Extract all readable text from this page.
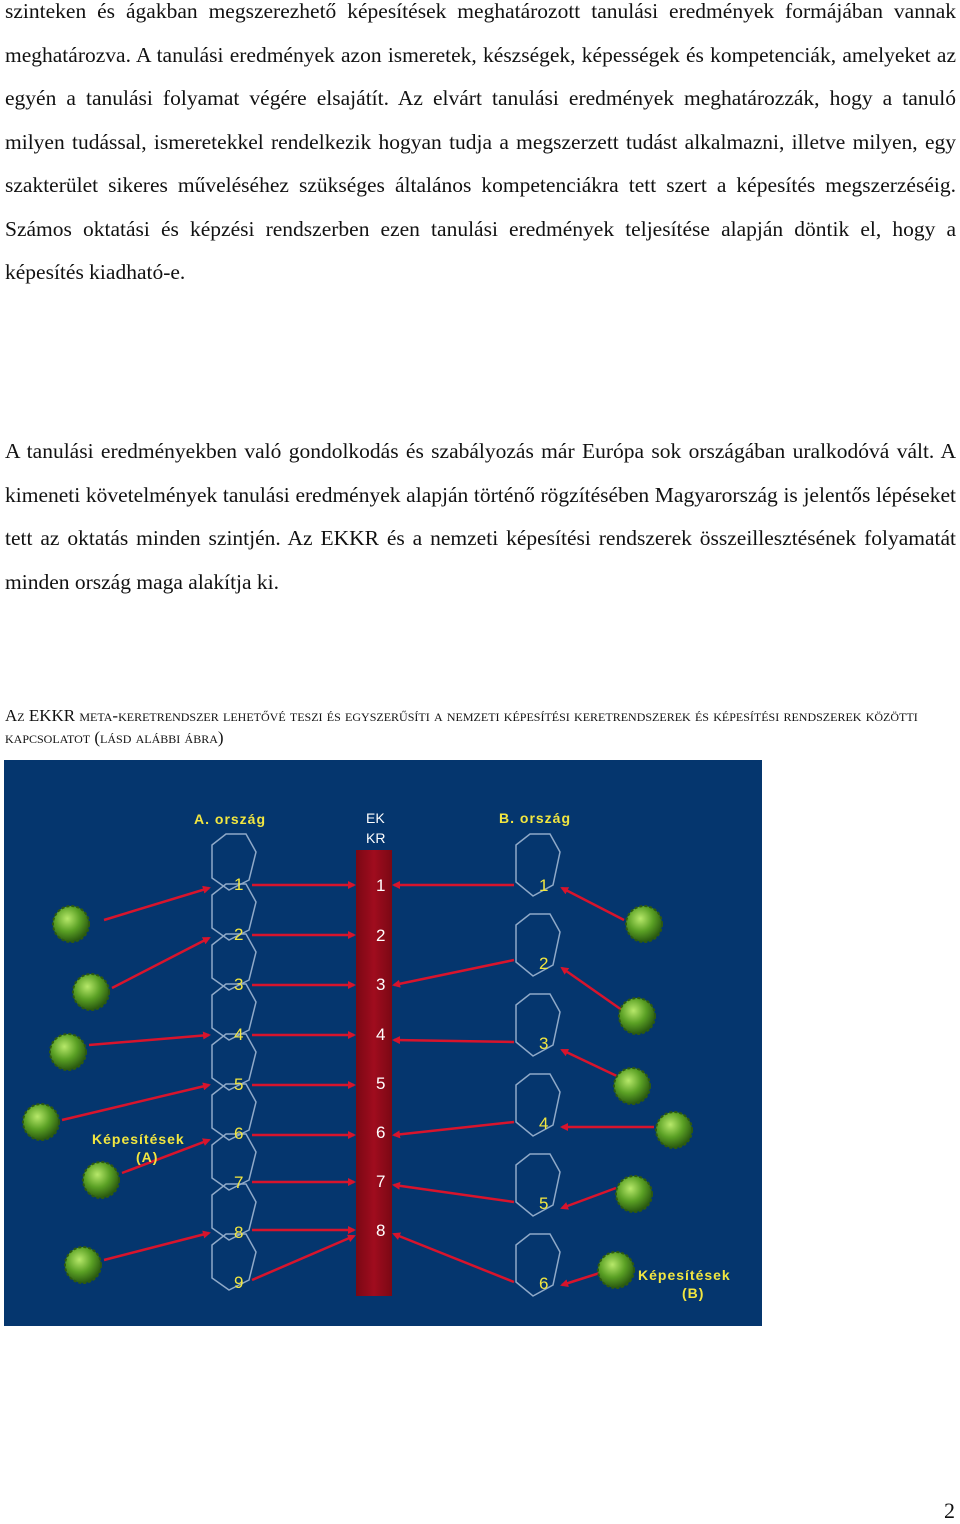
szinteken és ágakban megszerezhető képesítések meghatározott tanulási eredmények formájában vannak meghatározva. A tanulási eredmények azon ismeretek, készségek, képességek és kompetenciák, amelyeket az egyén a tanulási folyamat végére elsajátít. Az elvárt tanulási eredmények meghatározzák, hogy a tanuló milyen tudással, ismeretekkel rendelkezik hogyan tudja a megszerzett tudást alkalmazni, illetve milyen, egy szakterület sikeres műveléséhez szükséges általános kompetenciákra tett szert a képesítés megszerzéséig. Számos oktatási és képzési rendszerben ezen tanulási eredmények teljesítése alapján döntik el, hogy a képesítés kiadható-e.

A tanulási eredményekben való gondolkodás és szabályozás már Európa sok országában uralkodóvá vált. A kimeneti követelmények tanulási eredmények alapján történő rögzítésében Magyarország is jelentős lépéseket tett az oktatás minden szintjén. Az EKKR és a nemzeti képesítési rendszerek összeillesztésének folyamatát minden ország maga alakítja ki.

Az EKKR meta-keretrendszer lehetővé teszi és egyszerűsíti a nemzeti képesítési keretrendszerek és képesítési rendszerek közötti kapcsolatot (lásd alábbi ábra)
A. ország	EK
KR
B. ország
1
2
3
4
5
6
7
8
9
1
2
3
4
5
6
7
8
1
2
3
4
5
6
Képesítések
(A)
Képesítések
(B)
2
